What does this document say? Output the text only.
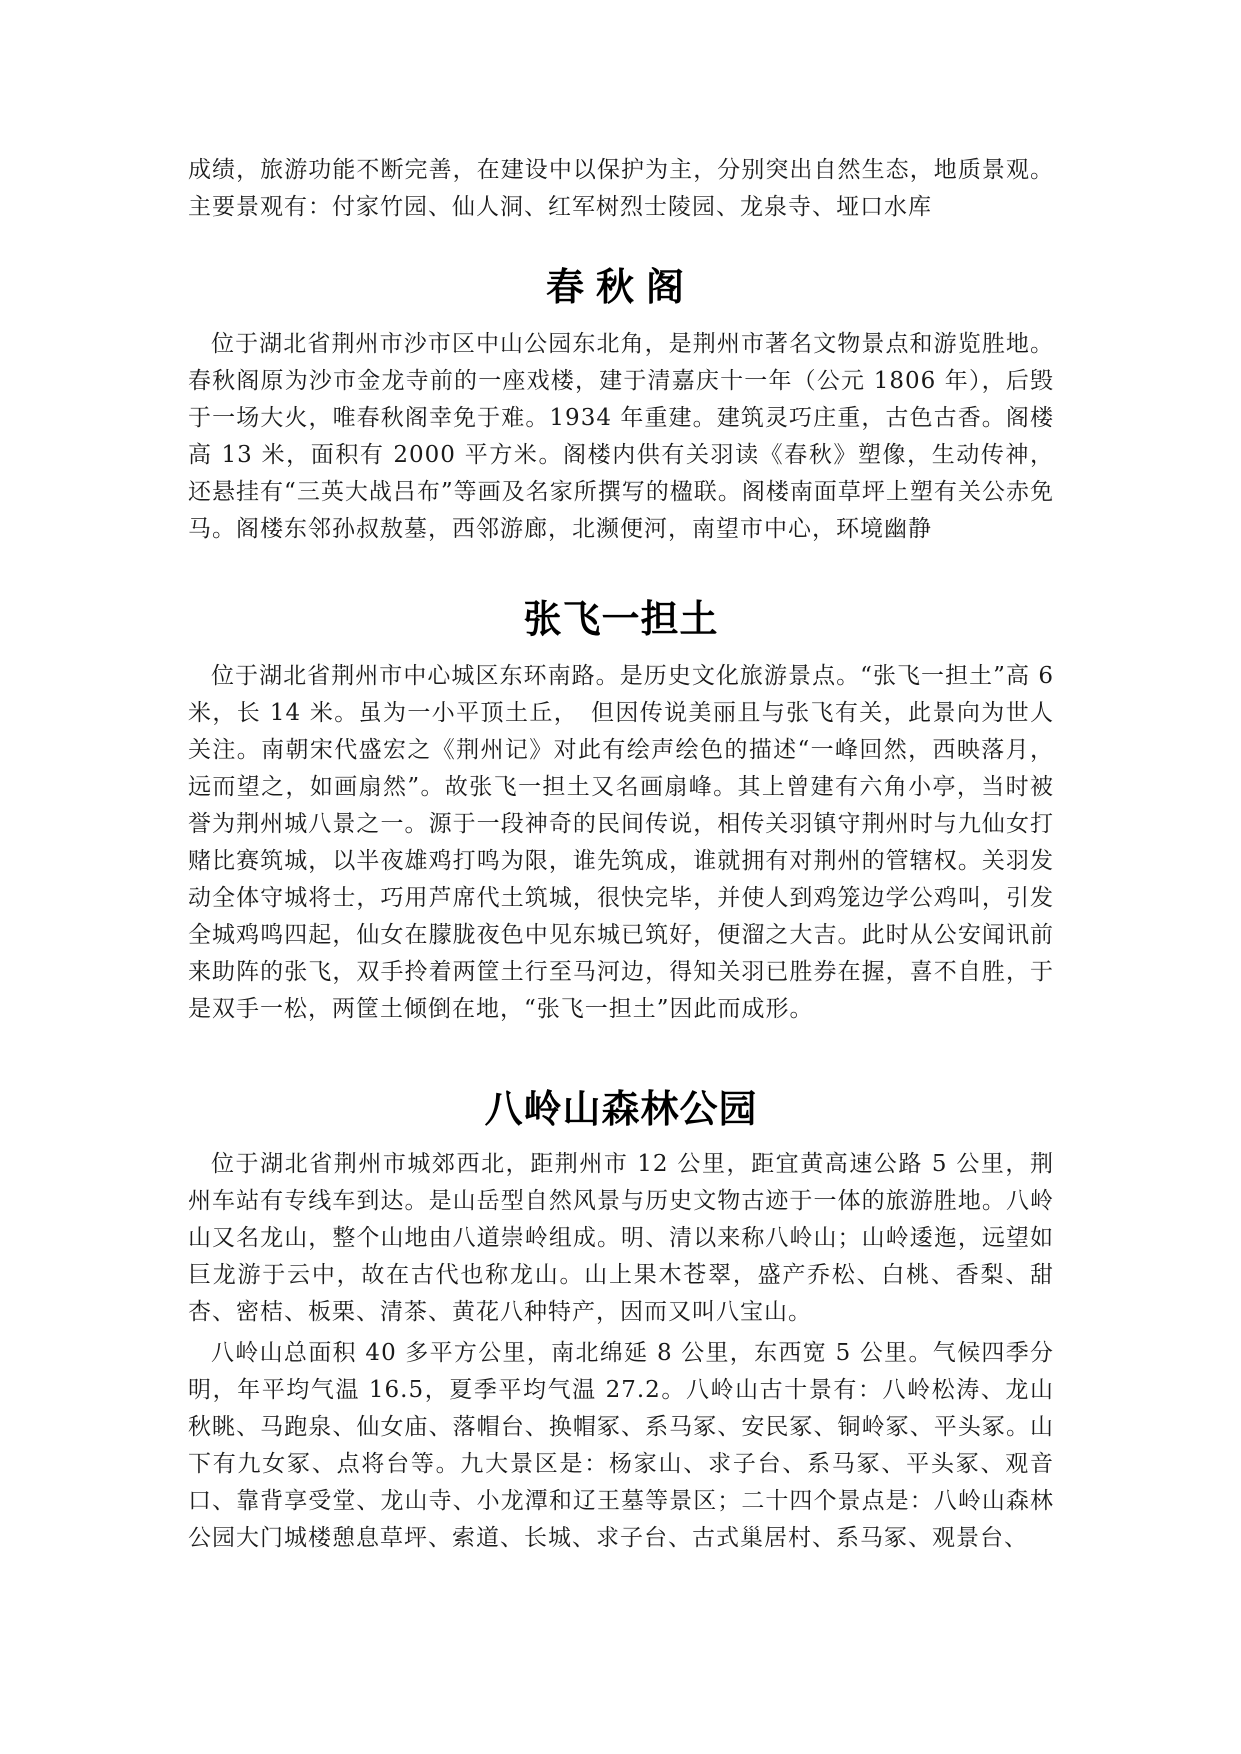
成绩，旅游功能不断完善，在建设中以保护为主，分别突出自然生态，地质景观。主要景观有：付家竹园、仙人洞、红军树烈士陵园、龙泉寺、垭口水库

春秋阁

位于湖北省荆州市沙市区中山公园东北角，是荆州市著名文物景点和游览胜地。春秋阁原为沙市金龙寺前的一座戏楼，建于清嘉庆十一年（公元 1806 年），后毁于一场大火，唯春秋阁幸免于难。1934 年重建。建筑灵巧庄重，古色古香。阁楼高 13 米，面积有 2000 平方米。阁楼内供有关羽读《春秋》塑像，生动传神，还悬挂有“三英大战吕布”等画及名家所撰写的楹联。阁楼南面草坪上塑有关公赤免马。阁楼东邻孙叔敖墓，西邻游廊，北濒便河，南望市中心，环境幽静

张飞一担土

位于湖北省荆州市中心城区东环南路。是历史文化旅游景点。“张飞一担土”高 6 米，长 14 米。虽为一小平顶土丘，　但因传说美丽且与张飞有关，此景向为世人关注。南朝宋代盛宏之《荆州记》对此有绘声绘色的描述“一峰回然，西映落月，远而望之，如画扇然”。故张飞一担土又名画扇峰。其上曾建有六角小亭，当时被誉为荆州城八景之一。源于一段神奇的民间传说，相传关羽镇守荆州时与九仙女打赌比赛筑城，以半夜雄鸡打鸣为限，谁先筑成，谁就拥有对荆州的管辖权。关羽发动全体守城将士，巧用芦席代土筑城，很快完毕，并使人到鸡笼边学公鸡叫，引发全城鸡鸣四起，仙女在朦胧夜色中见东城已筑好，便溜之大吉。此时从公安闻讯前来助阵的张飞，双手拎着两筐土行至马河边，得知关羽已胜券在握，喜不自胜，于是双手一松，两筐土倾倒在地，“张飞一担土”因此而成形。

八岭山森林公园

位于湖北省荆州市城郊西北，距荆州市 12 公里，距宜黄高速公路 5 公里，荆州车站有专线车到达。是山岳型自然风景与历史文物古迹于一体的旅游胜地。八岭山又名龙山，整个山地由八道崇岭组成。明、清以来称八岭山；山岭逶迤，远望如巨龙游于云中，故在古代也称龙山。山上果木苍翠，盛产乔松、白桃、香梨、甜杏、密桔、板栗、清茶、黄花八种特产，因而又叫八宝山。

八岭山总面积 40 多平方公里，南北绵延 8 公里，东西宽 5 公里。气候四季分明，年平均气温 16.5，夏季平均气温 27.2。八岭山古十景有：八岭松涛、龙山秋眺、马跑泉、仙女庙、落帽台、换帽冢、系马冢、安民冢、铜岭冢、平头冢。山下有九女冢、点将台等。九大景区是：杨家山、求子台、系马冢、平头冢、观音口、靠背享受堂、龙山寺、小龙潭和辽王墓等景区；二十四个景点是：八岭山森林公园大门城楼憩息草坪、索道、长城、求子台、古式巢居村、系马冢、观景台、
